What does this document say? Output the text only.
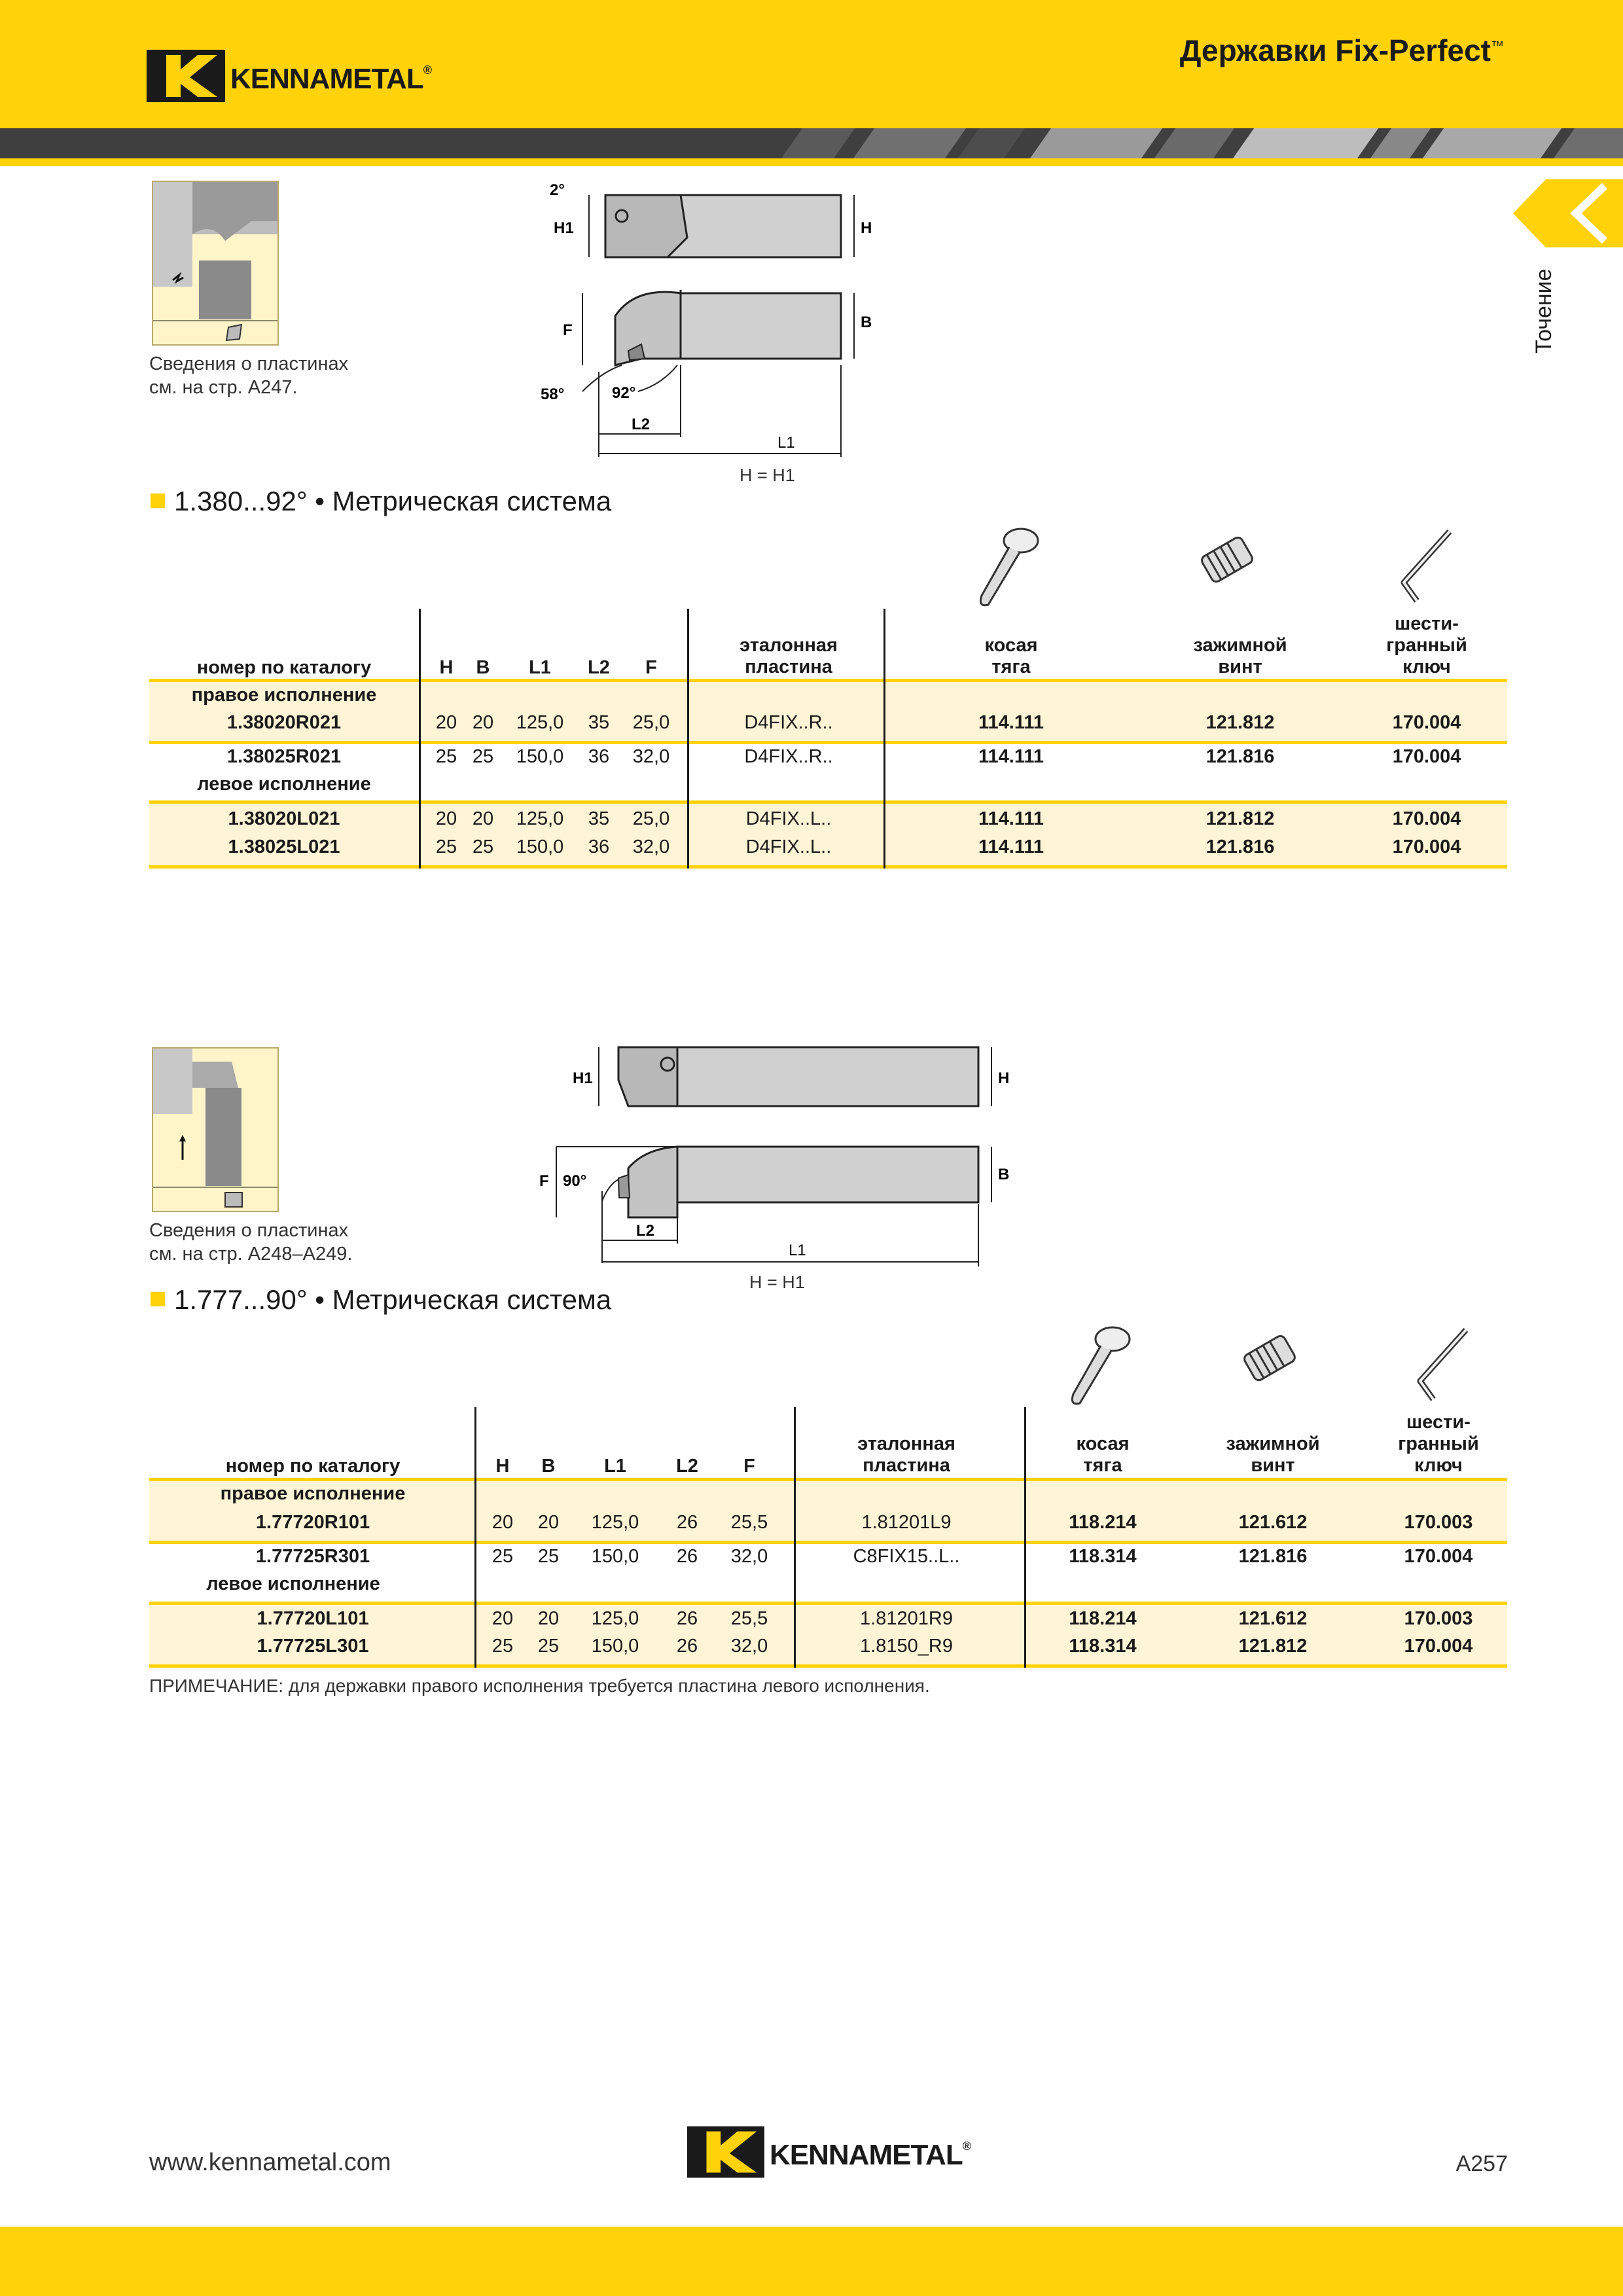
KENNAMETAL®
Державки Fix-Perfect™
Точение
Сведения о пластинах
см. на стр. A247.
H1
2°
H
F	B
58°	92°
L2
L1
H = H1
1.380...92° • Метрическая система
номер по каталогу	H	B	L1	L2	F
эталонная
пластина
косая
тяга
зажимной
винт
шести-
гранный
ключ
правое исполнение
левое исполнение
1.38020R021	20 20	125,0	35	25,0	D4FIX..R..	114.111	121.812	170.004
1.38025R021	25 25	150,0	36	32,0	D4FIX..R..	114.111	121.816	170.004
1.38020L021	20 20	125,0	35	25,0	D4FIX..L..	114.111	121.812	170.004
1.38025L021	25 25	150,0	36	32,0	D4FIX..L..	114.111	121.816	170.004
Сведения о пластинах
см. на стр. A248–A249.
H1	H
F 90°	B
L2
L1
H = H1
1.777...90° • Метрическая система
номер по каталогу	H	B	L1	L2	F
эталонная
пластина
косая
тяга
зажимной
винт
шести-
гранный
ключ
правое исполнение
левое исполнение
1.77720R101	20 20	125,0	26	25,5	1.81201L9	118.214	121.612	170.003
1.77725R301	25 25	150,0	26	32,0	C8FIX15..L..	118.314	121.816	170.004
1.77720L101	20 20	125,0	26	25,5	1.81201R9	118.214	121.612	170.003
1.77725L301	25 25	150,0	26	32,0	1.8150_R9	118.314	121.812	170.004
ПРИМЕЧАНИЕ: для державки правого исполнения требуется пластина левого исполнения.
www.kennametal.com	KENNAMETAL®
A257
